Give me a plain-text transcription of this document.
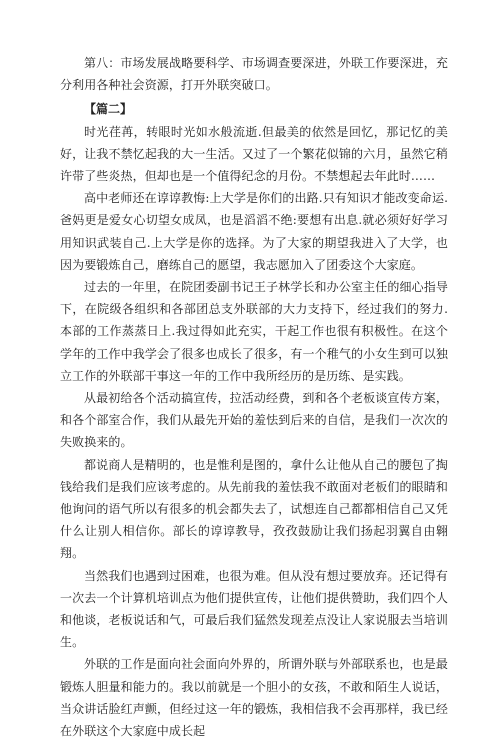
第八：市场发展战略要科学、市场调查要深进，外联工作要深进，充分利用各种社会资源，打开外联突破口。

【篇二】

时光荏苒，转眼时光如水般流逝.但最美的依然是回忆，那记忆的美好，让我不禁忆起我的大一生活。又过了一个繁花似锦的六月，虽然它稍许带了些炎热，但却也是一个值得纪念的月份。不禁想起去年此时……

高中老师还在谆谆教悔:上大学是你们的出路.只有知识才能改变命运.爸妈更是爱女心切望女成凤，也是滔滔不绝:要想有出息.就必须好好学习用知识武装自己.上大学是你的选择。为了大家的期望我进入了大学，也因为要锻炼自己，磨练自己的愿望，我志愿加入了团委这个大家庭。

过去的一年里，在院团委副书记王子林学长和办公室主任的细心指导下，在院级各组织和各部团总支外联部的大力支持下，经过我们的努力.本部的工作蒸蒸日上.我过得如此充实，干起工作也很有积极性。在这个学年的工作中我学会了很多也成长了很多，有一个稚气的小女生到可以独立工作的外联部干事这一年的工作中我所经历的是历练、是实践。

从最初给各个活动搞宣传，拉活动经费，到和各个老板谈宣传方案，和各个部室合作，我们从最先开始的羞怯到后来的自信，是我们一次次的失败换来的。

都说商人是精明的，也是惟利是图的，拿什么让他从自己的腰包了掏钱给我们是我们应该考虑的。从先前我的羞怯我不敢面对老板们的眼睛和他询问的语气所以有很多的机会都失去了，试想连自己都都相信自己又凭什么让别人相信你。部长的谆谆教导，孜孜鼓励让我们扬起羽翼自由翱翔。

当然我们也遇到过困难，也很为难。但从没有想过要放弃。还记得有一次去一个计算机培训点为他们提供宣传，让他们提供赞助，我们四个人和他谈，老板说话和气，可最后我们猛然发现差点没让人家说服去当培训生。

外联的工作是面向社会面向外界的，所谓外联与外部联系也，也是最锻炼人胆量和能力的。我以前就是一个胆小的女孩，不敢和陌生人说话，当众讲话脸红声颤，但经过这一年的锻炼，我相信我不会再那样，我已经在外联这个大家庭中成长起
